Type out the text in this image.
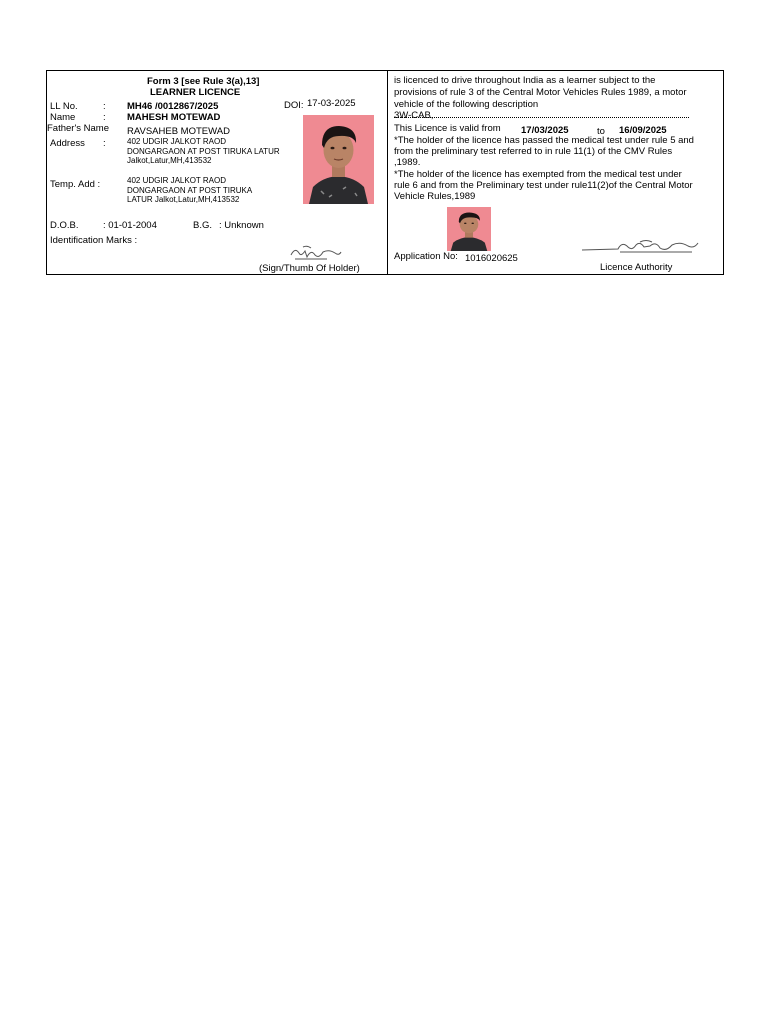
Form 3 [see Rule 3(a),13]
LEARNER LICENCE
LL No.	: MH46 /0012867/2025	DOI: 17-03-2025
Name	: MAHESH MOTEWAD
Father's Name RAVSAHEB MOTEWAD
Address :	402 UDGIR JALKOT RAOD
DONGARGAON AT POST TIRUKA LATUR
Jalkot,Latur,MH,413532
Temp. Add :	402 UDGIR JALKOT RAOD
DONGARGAON AT POST TIRUKA
LATUR Jalkot,Latur,MH,413532
D.O.B.	: 01-01-2004	B.G. : Unknown
Identification Marks :
(Sign/Thumb Of Holder)
is licenced to drive throughout India as a learner subject to the
provisions of rule 3 of the Central Motor Vehicles Rules 1989, a motor
vehicle of the following description
3W-CAB,
This Licence is valid from 17/03/2025	to 16/09/2025
*The holder of the licence has passed the medical test under rule 5 and
from the preliminary test referred to in rule 11(1) of the CMV Rules
,1989.
*The holder of the licence has exempted from the medical test under
rule 6 and from the Preliminary test under rule11(2)of the Central Motor
Vehicle Rules,1989
Application No: 1016020625
Licence Authority
